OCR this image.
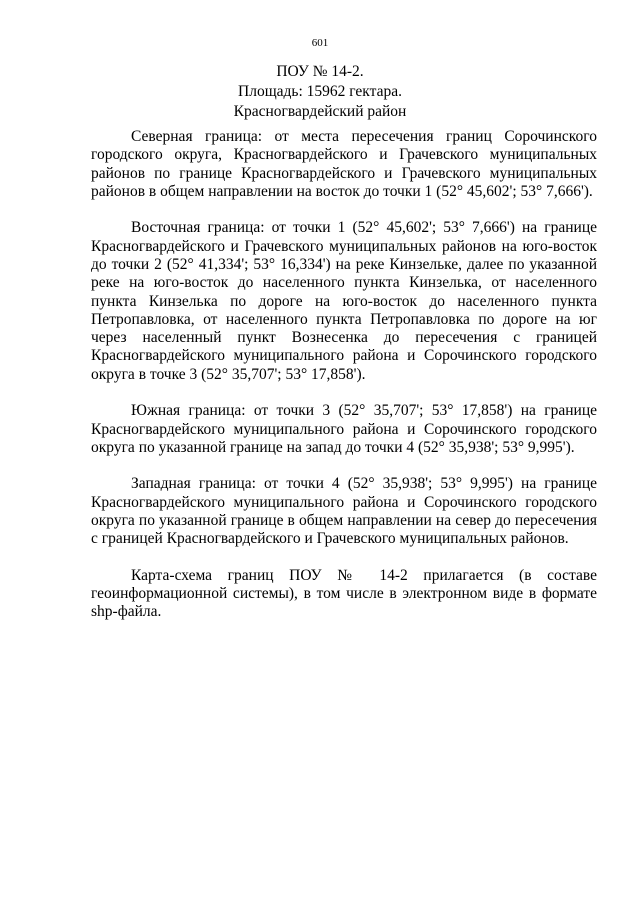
601
ПОУ № 14-2.
Площадь: 15962 гектара.
Красногвардейский район

Северная граница: от места пересечения границ Сорочинского городского округа, Красногвардейского и Грачевского муниципальных районов по границе Красногвардейского и Грачевского муниципальных районов в общем направлении на восток до точки 1 (52° 45,602'; 53° 7,666').

Восточная граница: от точки 1 (52° 45,602'; 53° 7,666') на границе Красногвардейского и Грачевского муниципальных районов на юго-восток до точки 2 (52° 41,334'; 53° 16,334') на реке Кинзельке, далее по указанной реке на юго-восток до населенного пункта Кинзелька, от населенного пункта Кинзелька по дороге на юго-восток до населенного пункта Петропавловка, от населенного пункта Петропавловка по дороге на юг через населенный пункт Вознесенка до пересечения с границей Красногвардейского муниципального района и Сорочинского городского округа в точке 3 (52° 35,707'; 53° 17,858').

Южная граница: от точки 3 (52° 35,707'; 53° 17,858') на границе Красногвардейского муниципального района и Сорочинского городского округа по указанной границе на запад до точки 4 (52° 35,938'; 53° 9,995').

Западная граница: от точки 4 (52° 35,938'; 53° 9,995') на границе Красногвардейского муниципального района и Сорочинского городского округа по указанной границе в общем направлении на север до пересечения с границей Красногвардейского и Грачевского муниципальных районов.

Карта-схема границ ПОУ № 14-2 прилагается (в составе геоинформационной системы), в том числе в электронном виде в формате shp-файла.
